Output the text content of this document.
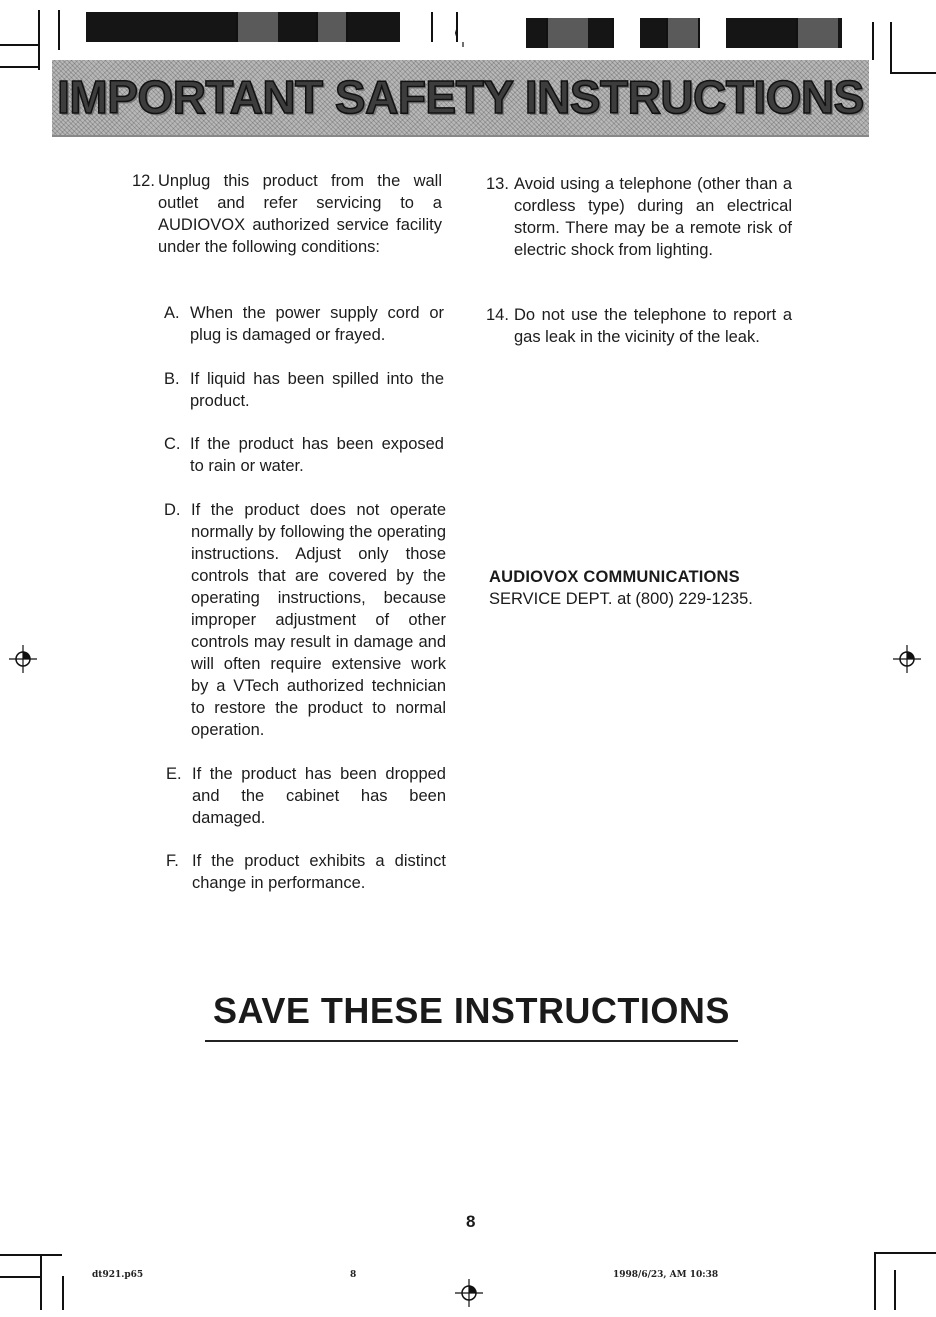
IMPORTANT SAFETY INSTRUCTIONS
12. Unplug this product from the wall outlet and refer servicing to a AUDIOVOX authorized service facility under the following conditions:
A. When the power supply cord or plug is damaged or frayed.
B. If liquid has been spilled into the product.
C. If the product has been exposed to rain or water.
D. If the product does not operate normally by following the operating instructions. Adjust only those controls that are covered by the operating instructions, because improper adjustment of other controls may result in damage and will often require extensive work by a VTech authorized technician to restore the product to normal operation.
E. If the product has been dropped and the cabinet has been damaged.
F. If the product exhibits a distinct change in performance.
13. Avoid using a telephone (other than a cordless type) during an electrical storm. There may be a remote risk of electric shock from lighting.
14. Do not use the telephone to report a gas leak in the vicinity of the leak.
AUDIOVOX COMMUNICATIONS
SERVICE DEPT. at (800) 229-1235.
SAVE THESE INSTRUCTIONS
8
dt921.p65	8	1998/6/23, AM 10:38
